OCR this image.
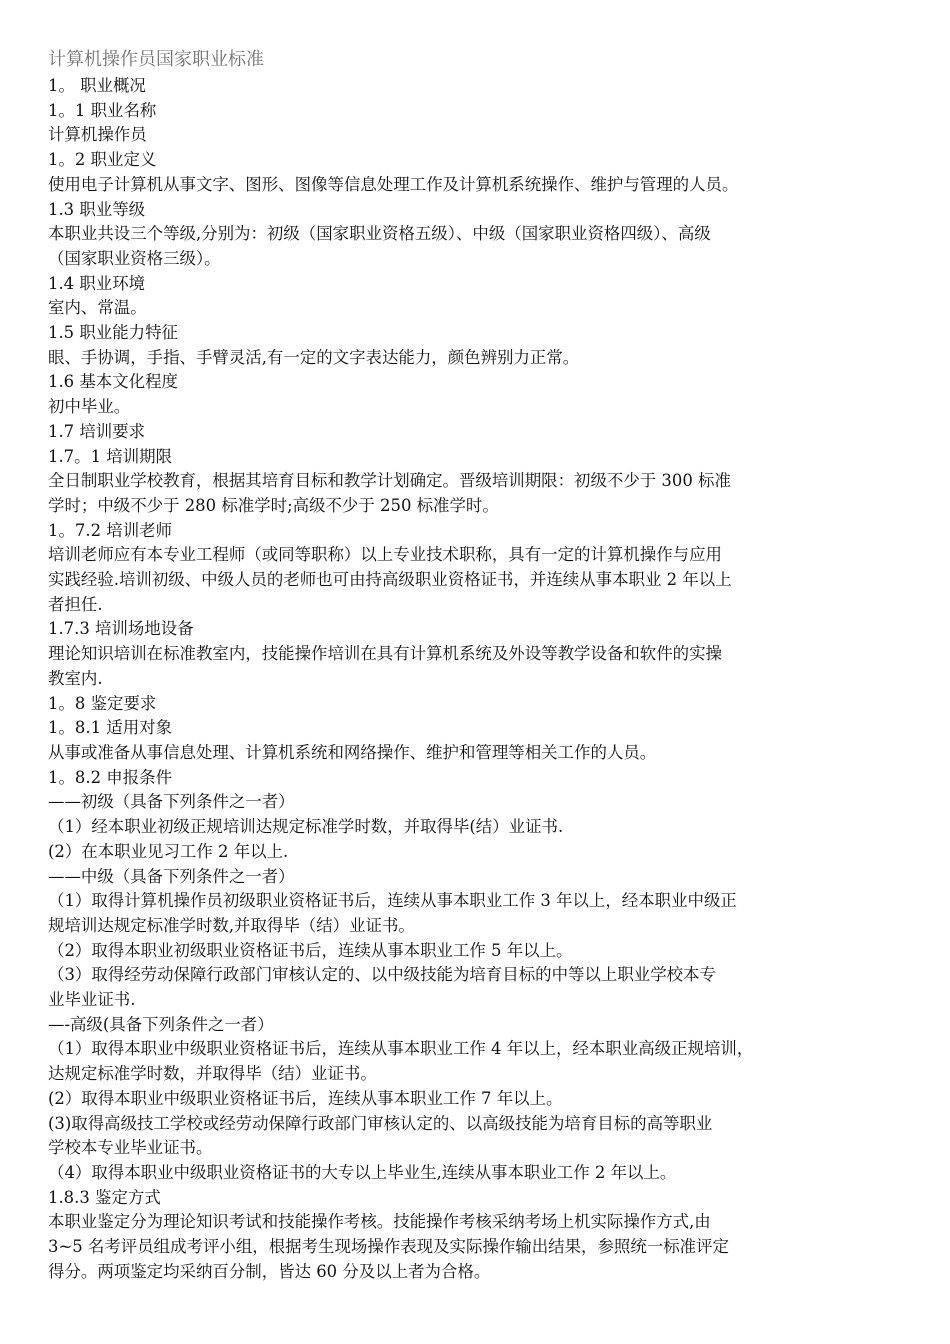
计算机操作员国家职业标准
1。 职业概况
1。1 职业名称
计算机操作员
1。2 职业定义
使用电子计算机从事文字、图形、图像等信息处理工作及计算机系统操作、维护与管理的人员。
1.3 职业等级
本职业共设三个等级,分别为：初级（国家职业资格五级）、中级（国家职业资格四级）、高级
（国家职业资格三级）。
1.4 职业环境
室内、常温。
1.5 职业能力特征
眼、手协调，手指、手臂灵活,有一定的文字表达能力，颜色辨别力正常。
1.6 基本文化程度
初中毕业。
1.7 培训要求
1.7。1 培训期限
全日制职业学校教育，根据其培育目标和教学计划确定。晋级培训期限：初级不少于 300 标准
学时；中级不少于 280 标准学时;高级不少于 250 标准学时。
1。7.2 培训老师
培训老师应有本专业工程师（或同等职称）以上专业技术职称，具有一定的计算机操作与应用
实践经验.培训初级、中级人员的老师也可由持高级职业资格证书，并连续从事本职业 2 年以上
者担任.
1.7.3 培训场地设备
理论知识培训在标准教室内，技能操作培训在具有计算机系统及外设等教学设备和软件的实操
教室内.
1。8 鉴定要求
1。8.1 适用对象
从事或准备从事信息处理、计算机系统和网络操作、维护和管理等相关工作的人员。
1。8.2 申报条件
——初级（具备下列条件之一者）
（1）经本职业初级正规培训达规定标准学时数，并取得毕(结）业证书.
(2）在本职业见习工作 2 年以上.
——中级（具备下列条件之一者）
（1）取得计算机操作员初级职业资格证书后，连续从事本职业工作 3 年以上，经本职业中级正
规培训达规定标准学时数,并取得毕（结）业证书。
（2）取得本职业初级职业资格证书后，连续从事本职业工作 5 年以上。
（3）取得经劳动保障行政部门审核认定的、以中级技能为培育目标的中等以上职业学校本专
业毕业证书.
—-高级(具备下列条件之一者）
（1）取得本职业中级职业资格证书后，连续从事本职业工作 4 年以上，经本职业高级正规培训，
达规定标准学时数，并取得毕（结）业证书。
(2）取得本职业中级职业资格证书后，连续从事本职业工作 7 年以上。
(3)取得高级技工学校或经劳动保障行政部门审核认定的、以高级技能为培育目标的高等职业
学校本专业毕业证书。
（4）取得本职业中级职业资格证书的大专以上毕业生,连续从事本职业工作 2 年以上。
1.8.3 鉴定方式
本职业鉴定分为理论知识考试和技能操作考核。技能操作考核采纳考场上机实际操作方式,由
3~5 名考评员组成考评小组，根据考生现场操作表现及实际操作输出结果，参照统一标准评定
得分。两项鉴定均采纳百分制，皆达 60 分及以上者为合格。
